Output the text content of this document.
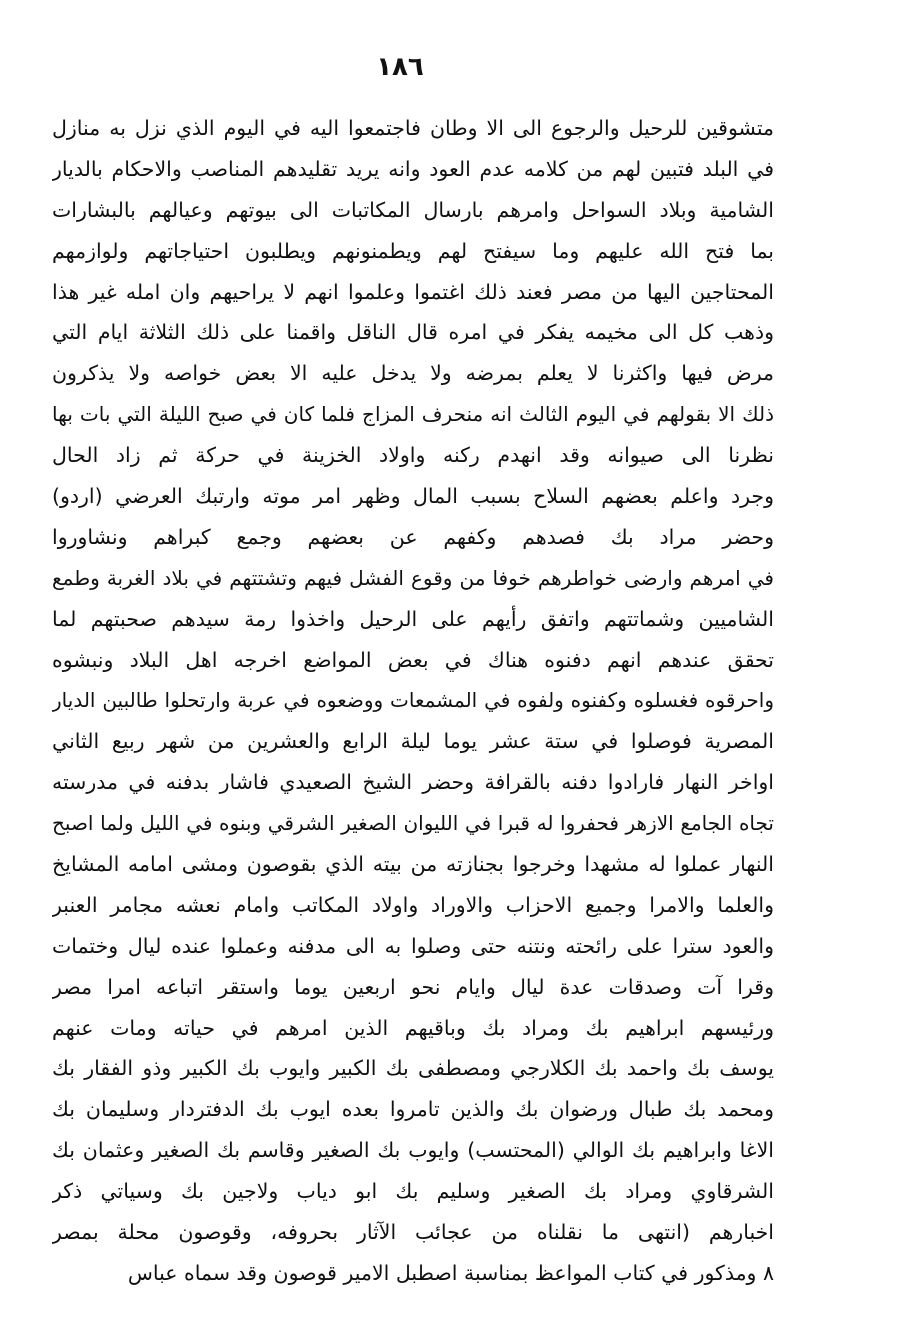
١٨٦
متشوقين للرحيل والرجوع الى الا وطان فاجتمعوا اليه في اليوم الذي نزل به منازل
في البلد فتبين لهم من كلامه عدم العود وانه يريد تقليدهم المناصب والاحكام بالديار
الشامية وبلاد السواحل وامرهم بارسال المكاتبات الى بيوتهم وعيالهم بالبشارات
بما فتح الله عليهم وما سيفتح لهم ويطمنونهم ويطلبون احتياجاتهم ولوازمهم
المحتاجين اليها من مصر فعند ذلك اغتموا وعلموا انهم لا يراحيهم وان امله غير هذا
وذهب كل الى مخيمه يفكر في امره قال الناقل واقمنا على ذلك الثلاثة ايام التي
مرض فيها واكثرنا لا يعلم بمرضه ولا يدخل عليه الا بعض خواصه ولا يذكرون
ذلك الا بقولهم في اليوم الثالث انه منحرف المزاج فلما كان في صبح الليلة التي بات بها
نظرنا الى صيوانه وقد انهدم ركنه واولاد الخزينة في حركة ثم زاد الحال
وجرد واعلم بعضهم السلاح بسبب المال وظهر امر موته وارتبك العرضي (اردو)
وحضر مراد بك فصدهم وكفهم عن بعضهم وجمع كبراهم ونشاوروا
في امرهم وارضى خواطرهم خوفا من وقوع الفشل فيهم وتشتتهم في بلاد الغربة وطمع
الشاميين وشماتتهم واتفق رأيهم على الرحيل واخذوا رمة سيدهم صحبتهم لما
تحقق عندهم انهم دفنوه هناك في بعض المواضع اخرجه اهل البلاد ونبشوه
واحرقوه فغسلوه وكفنوه ولفوه في المشمعات ووضعوه في عربة وارتحلوا طالبين الديار
المصرية فوصلوا في ستة عشر يوما ليلة الرابع والعشرين من شهر ربيع الثاني
اواخر النهار فارادوا دفنه بالقرافة وحضر الشيخ الصعيدي فاشار بدفنه في مدرسته
تجاه الجامع الازهر فحفروا له قبرا في الليوان الصغير الشرقي وبنوه في الليل ولما اصبح
النهار عملوا له مشهدا وخرجوا بجنازته من بيته الذي بقوصون ومشى امامه المشايخ
والعلما والامرا وجميع الاحزاب والاوراد واولاد المكاتب وامام نعشه مجامر العنبر
والعود سترا على رائحته ونتنه حتى وصلوا به الى مدفنه وعملوا عنده ليال وختمات
وقرا آت وصدقات عدة ليال وايام نحو اربعين يوما واستقر اتباعه امرا مصر
ورئيسهم ابراهيم بك ومراد بك وباقيهم الذين امرهم في حياته ومات عنهم
يوسف بك واحمد بك الكلارجي ومصطفى بك الكبير وايوب بك الكبير وذو الفقار بك
ومحمد بك طبال ورضوان بك والذين تامروا بعده ايوب بك الدفتردار وسليمان بك
الاغا وابراهيم بك الوالي (المحتسب) وايوب بك الصغير وقاسم بك الصغير وعثمان بك
الشرقاوي ومراد بك الصغير وسليم بك ابو دياب ولاجين بك وسياتي ذكر
اخبارهم (انتهى ما نقلناه من عجائب الآثار بحروفه، وقوصون محلة بمصر
٨ ومذكور في كتاب المواعظ بمناسبة اصطبل الامير قوصون وقد سماه عباس
